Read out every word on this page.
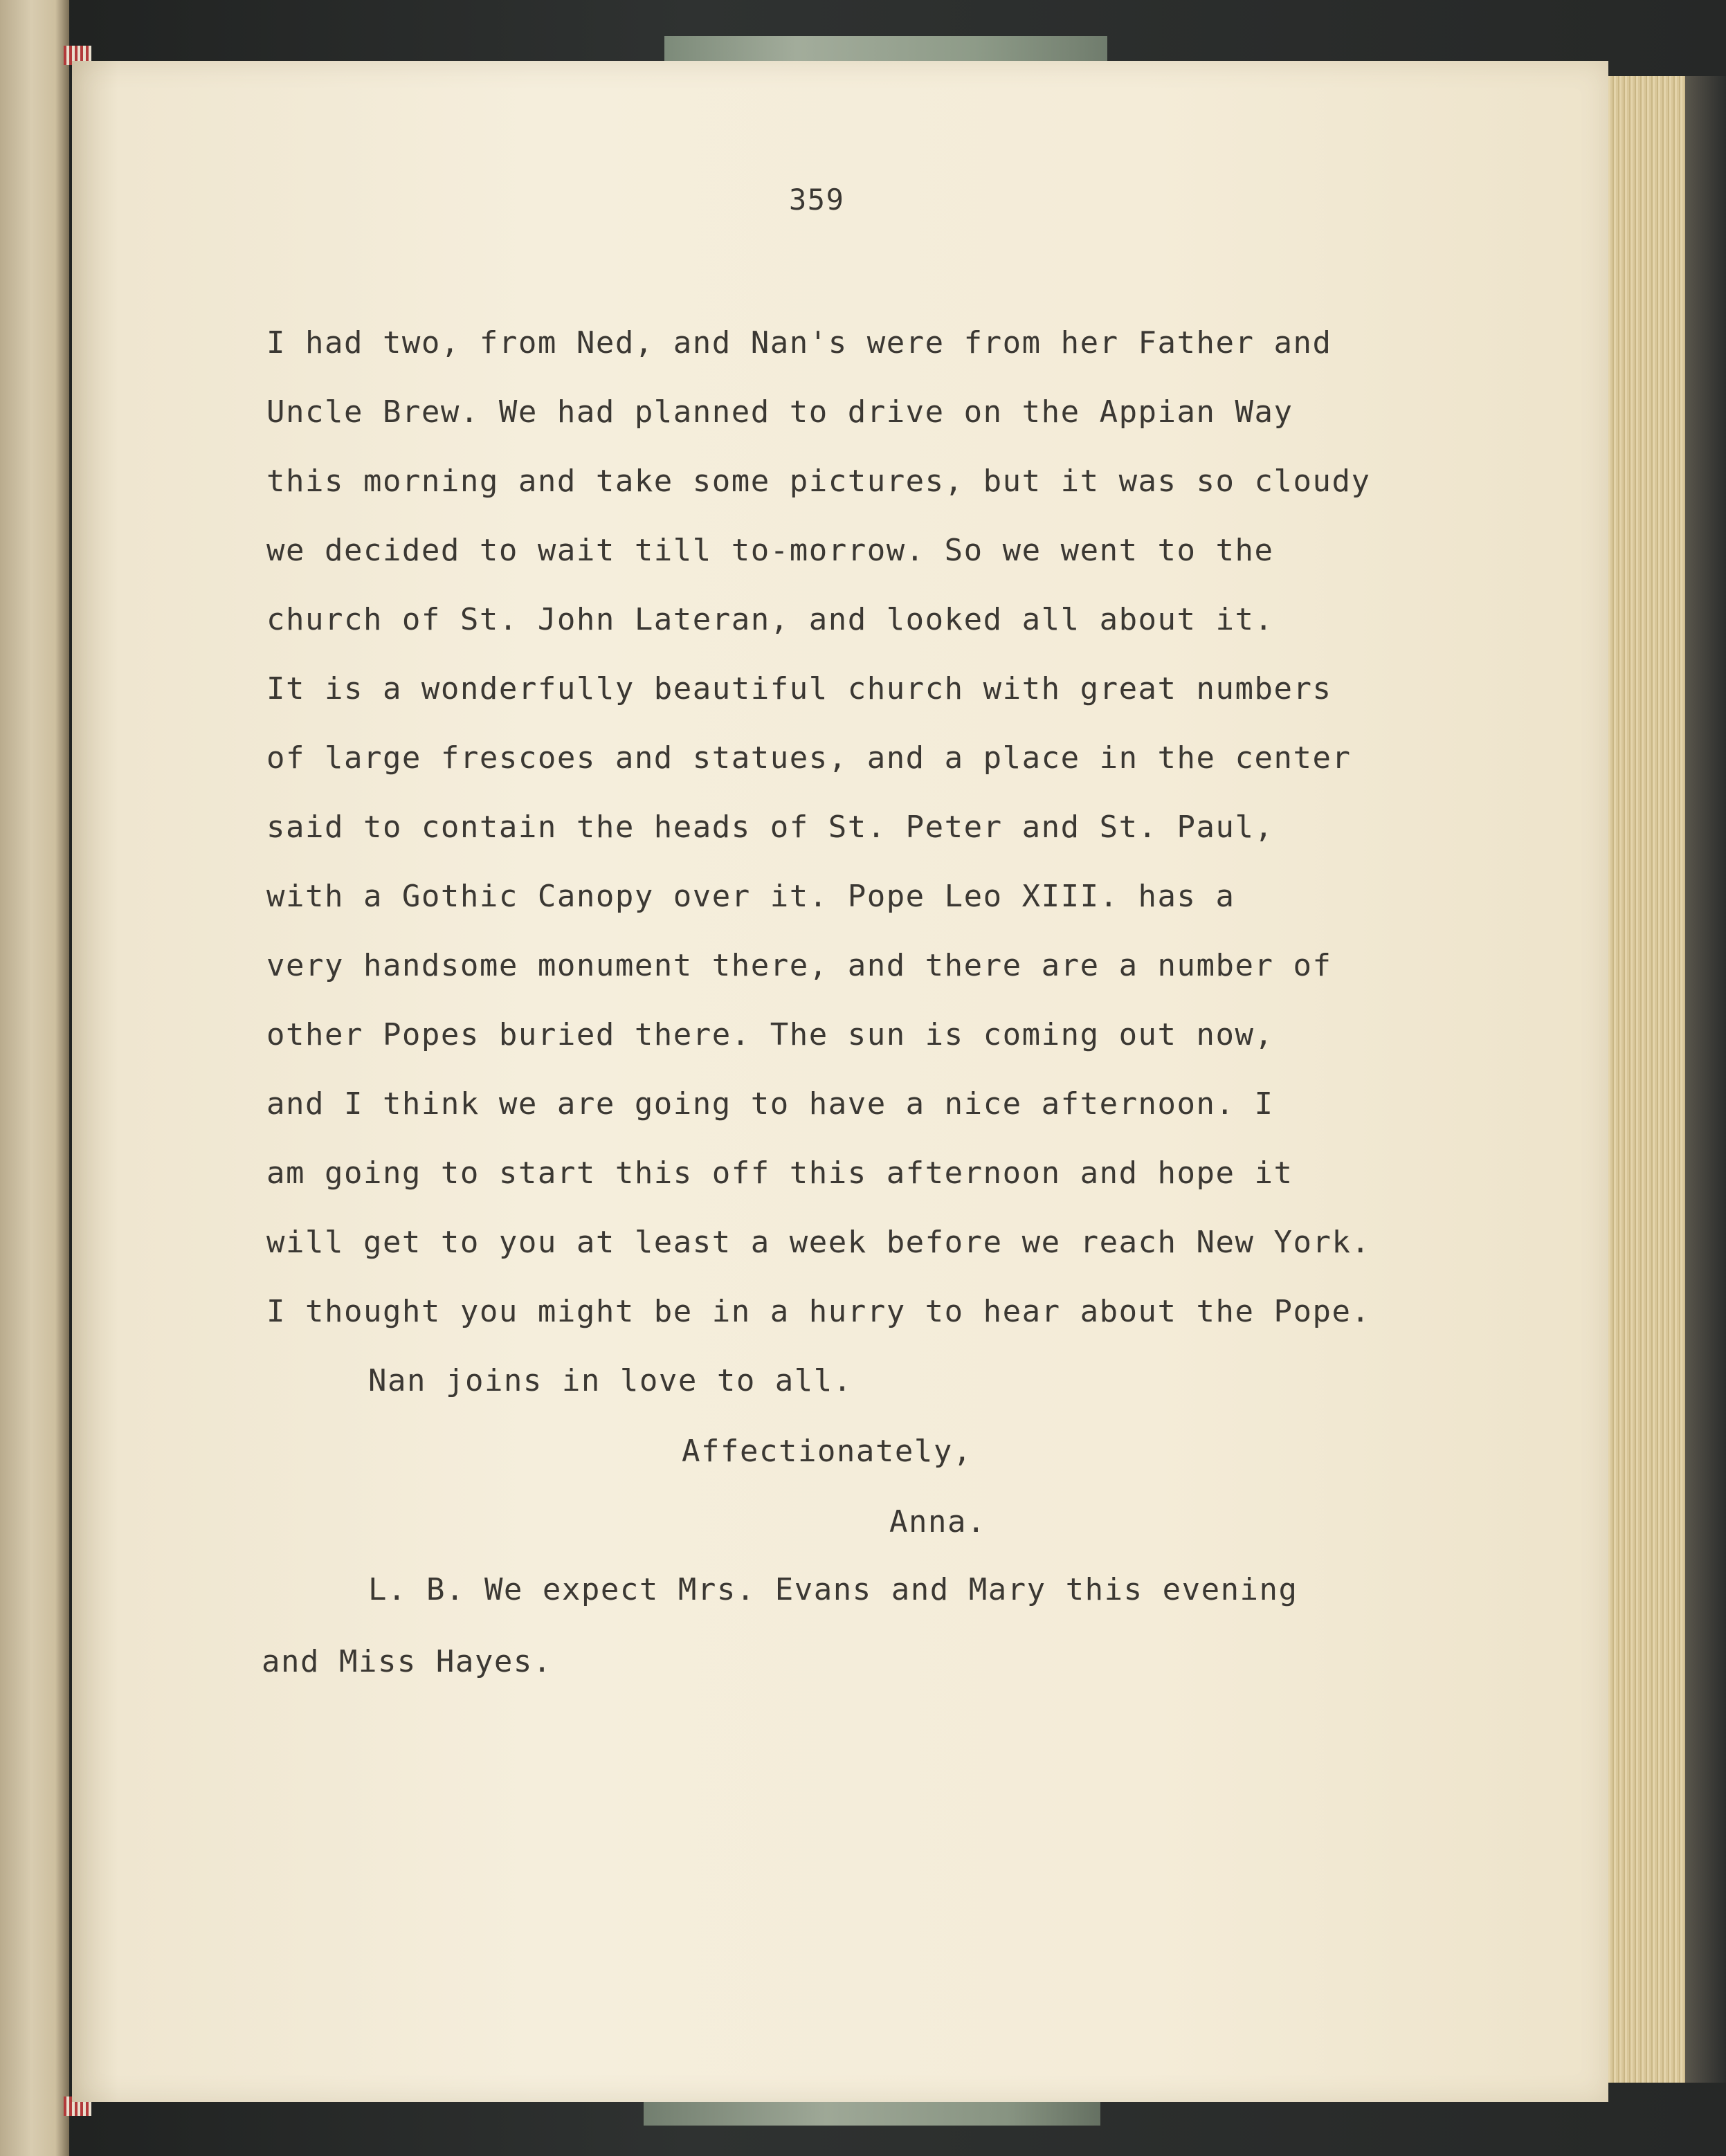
359
I had two, from Ned, and Nan's were from her Father and
Uncle Brew. We had planned to drive on the Appian Way
this morning and take some pictures, but it was so cloudy
we decided to wait till to-morrow. So we went to the
church of St. John Lateran, and looked all about it.
It is a wonderfully beautiful church with great numbers
of large frescoes and statues, and a place in the center
said to contain the heads of St. Peter and St. Paul,
with a Gothic Canopy over it. Pope Leo XIII. has a
very handsome monument there, and there are a number of
other Popes buried there. The sun is coming out now,
and I think we are going to have a nice afternoon. I
am going to start this off this afternoon and hope it
will get to you at least a week before we reach New York.
I thought you might be in a hurry to hear about the Pope.
Nan joins in love to all.
Affectionately,
Anna.
L. B. We expect Mrs. Evans and Mary this evening
and Miss Hayes.
